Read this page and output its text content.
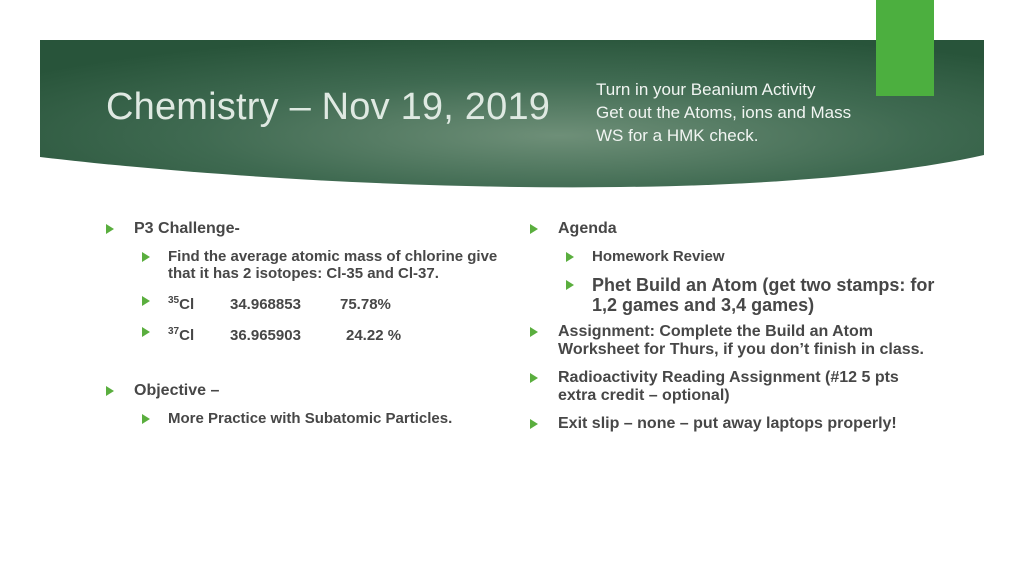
Chemistry – Nov 19, 2019	Turn in your Beanium Activity
Get out the Atoms, ions and Mass
WS for a HMK check.
P3 Challenge-
Find the average atomic mass of chlorine give that it has 2 isotopes: Cl-35 and Cl-37.
$^{35}$Cl 34.968853	75.78%
$^{37}$Cl 36.965903	24.22 %
Objective –
More Practice with Subatomic Particles.
Agenda
Homework Review
Phet Build an Atom (get two stamps: for 1,2 games and 3,4 games)
Assignment: Complete the Build an Atom Worksheet for Thurs, if you don’t finish in class.
Radioactivity Reading Assignment (#12 5 pts extra credit – optional)
Exit slip – none – put away laptops properly!
